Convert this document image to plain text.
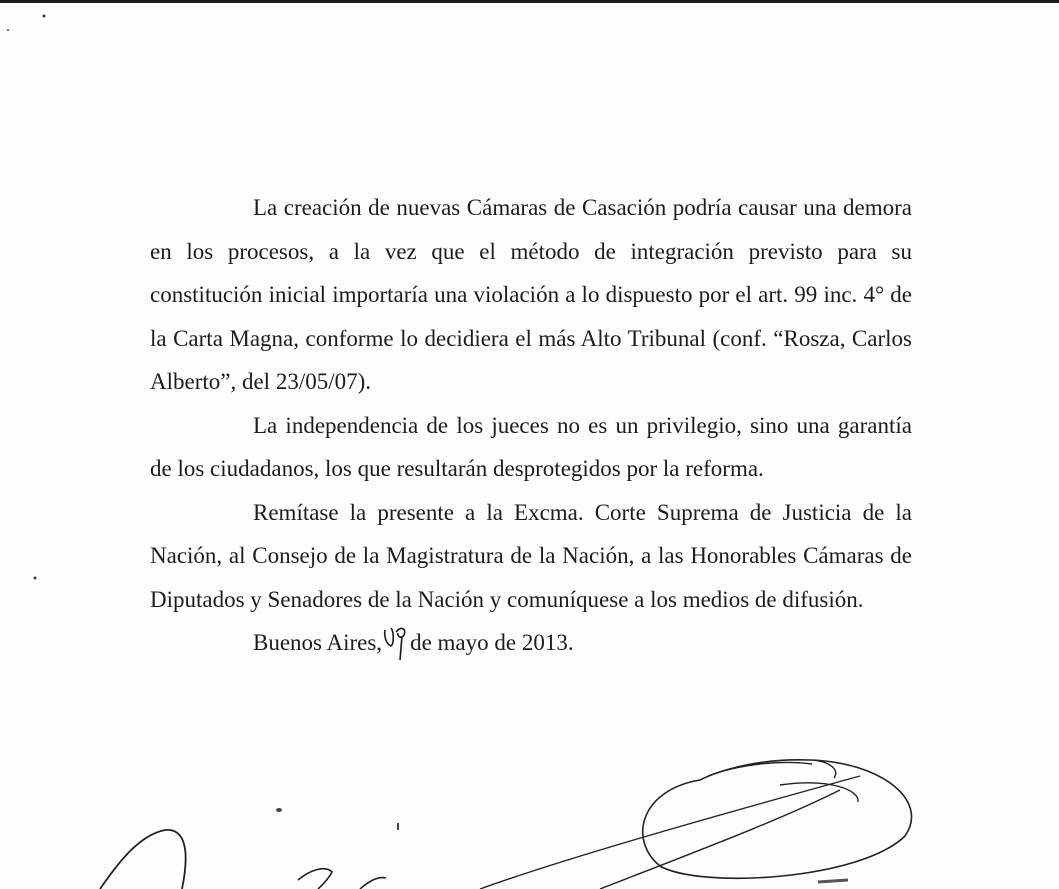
La creación de nuevas Cámaras de Casación podría causar una demora en los procesos, a la vez que el método de integración previsto para su constitución inicial importaría una violación a lo dispuesto por el art. 99 inc. 4° de la Carta Magna, conforme lo decidiera el más Alto Tribunal (conf. “Rosza, Carlos Alberto”, del 23/05/07).

La independencia de los jueces no es un privilegio, sino una garantía de los ciudadanos, los que resultarán desprotegidos por la reforma.

Remítase la presente a la Excma. Corte Suprema de Justicia de la Nación, al Consejo de la Magistratura de la Nación, a las Honorables Cámaras de Diputados y Senadores de la Nación y comuníquese a los medios de difusión.

Buenos Aires, de mayo de 2013.
